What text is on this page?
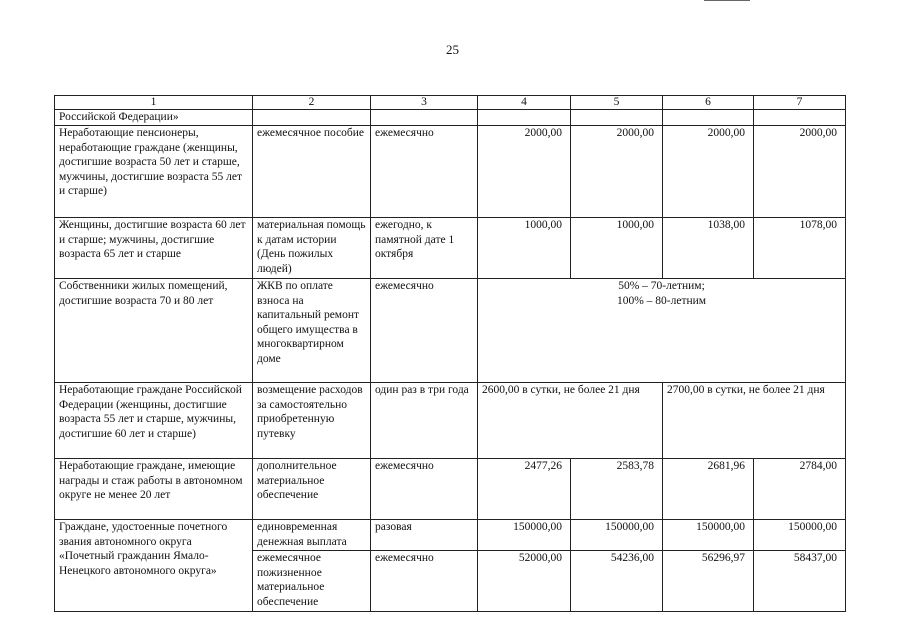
25
1	2	3	4	5	6	7
Российской Федерации»						
Неработающие пенсионеры, неработающие граждане (женщины, достигшие возраста 50 лет и старше, мужчины, достигшие возраста 55 лет и старше)	ежемесячное пособие	ежемесячно	2000,00	2000,00	2000,00	2000,00
Женщины, достигшие возраста 60 лет и старше; мужчины, достигшие возраста 65 лет и старше	материальная помощь к датам истории (День пожилых людей)	ежегодно, к памятной дате 1 октября	1000,00	1000,00	1038,00	1078,00
Собственники жилых помещений, достигшие возраста 70 и 80 лет	ЖКВ по оплате взноса на капитальный ремонт общего имущества в многоквартирном доме	ежемесячно	50% – 70-летним;
100% – 80-летним			

Неработающие граждане Российской Федерации (женщины, достигшие возраста 55 лет и старше, мужчины, достигшие 60 лет и старше)	возмещение расходов за самостоятельно приобретенную путевку	один раз в три года	2600,00 в сутки, не более 21 дня		2700,00 в сутки, не более 21 дня	
Неработающие граждане, имеющие награды и стаж работы в автономном округе не менее 20 лет	дополнительное материальное обеспечение	ежемесячно	2477,26	2583,78	2681,96	2784,00
Граждане, удостоенные почетного звания автономного округа «Почетный гражданин Ямало-Ненецкого автономного округа»	единовременная денежная выплата	разовая	150000,00	150000,00	150000,00	150000,00
	ежемесячное пожизненное материальное обеспечение	ежемесячно	52000,00	54236,00	56296,97	58437,00
